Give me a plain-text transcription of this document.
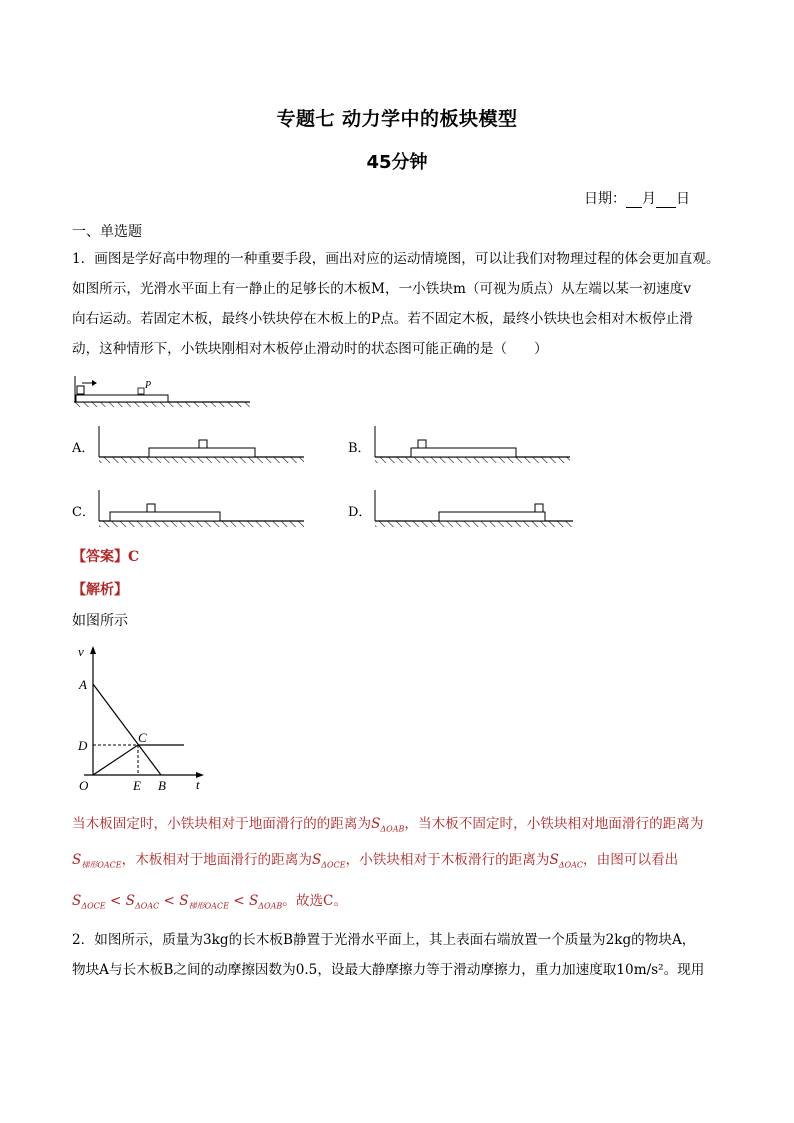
专题七 动力学中的板块模型
45分钟
日期： 月 日
一、单选题
1．画图是学好高中物理的一种重要手段，画出对应的运动情境图，可以让我们对物理过程的体会更加直观。
如图所示，光滑水平面上有一静止的足够长的木板M，一小铁块m（可视为质点）从左端以某一初速度v
向右运动。若固定木板，最终小铁块停在木板上的P点。若不固定木板，最终小铁块也会相对木板停止滑
动，这种情形下，小铁块刚相对木板停止滑动时的状态图可能正确的是（　　）
P
A．	B．
C．	D．
【答案】C
【解析】
如图所示
v
t
A
C
D
O	E B
当木板固定时，小铁块相对于地面滑行的的距离为$S_{\Delta OAB}$，当木板不固定时，小铁块相对地面滑行的距离为
$S_{梯形OACE}$，木板相对于地面滑行的距离为$S_{\Delta OCE}$，小铁块相对于木板滑行的距离为$S_{\Delta OAC}$，由图可以看出
$S_{\Delta OCE} < S_{\Delta OAC} < S_{梯形OACE} < S_{\Delta OAB}$。故选C。
2．如图所示，质量为3kg的长木板B静置于光滑水平面上，其上表面右端放置一个质量为2kg的物块A，
物块A与长木板B之间的动摩擦因数为0.5，设最大静摩擦力等于滑动摩擦力，重力加速度取10m/s²。现用
